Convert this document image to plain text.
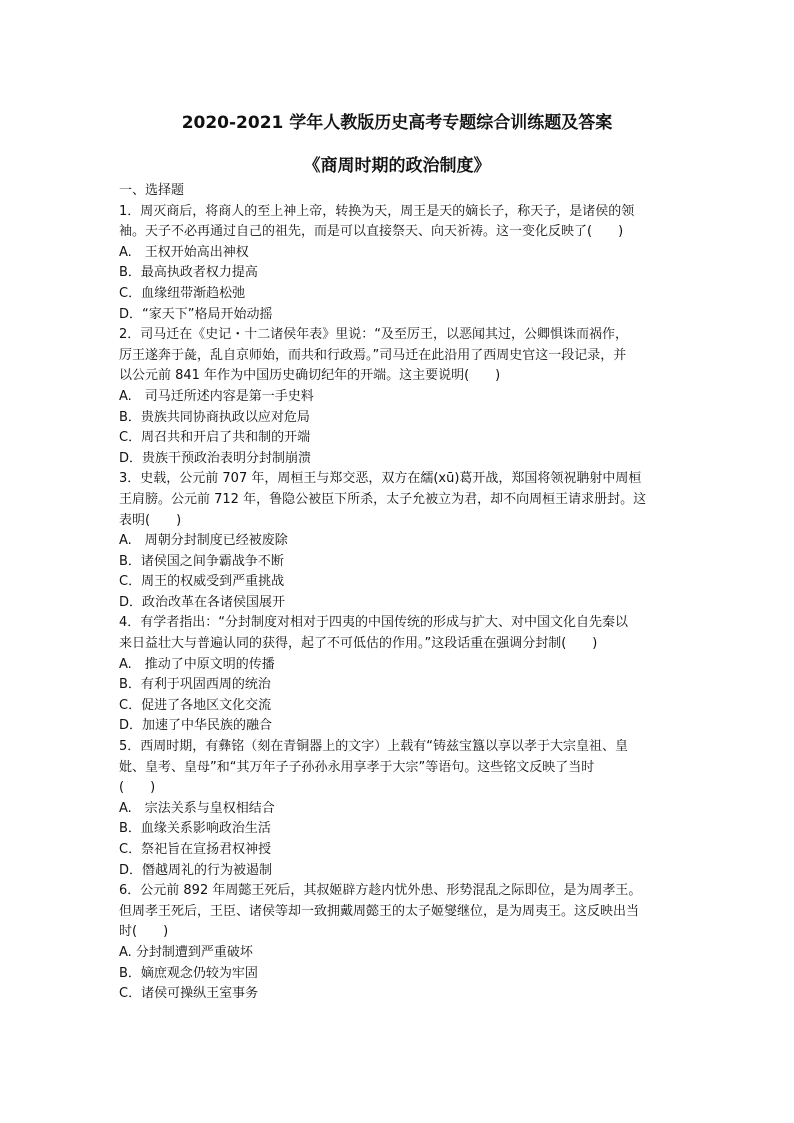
2020-2021 学年人教版历史高考专题综合训练题及答案
《商周时期的政治制度》
一、选择题
1．周灭商后，将商人的至上神上帝，转换为天，周王是天的嫡长子，称天子，是诸侯的领
袖。天子不必再通过自己的祖先，而是可以直接祭天、向天祈祷。这一变化反映了(　　)
A.　王权开始高出神权
B．最高执政者权力提高
C．血缘纽带渐趋松弛
D．“家天下”格局开始动摇
2．司马迁在《史记・十二诸侯年表》里说：“及至厉王，以恶闻其过，公卿惧诛而祸作，
厉王遂奔于彘，乱自京师始，而共和行政焉。”司马迁在此沿用了西周史官这一段记录，并
以公元前 841 年作为中国历史确切纪年的开端。这主要说明(　　)
A.　司马迁所述内容是第一手史料
B．贵族共同协商执政以应对危局
C．周召共和开启了共和制的开端
D．贵族干预政治表明分封制崩溃
3．史载，公元前 707 年，周桓王与郑交恶，双方在繻(xū)葛开战，郑国将领祝聃射中周桓
王肩膀。公元前 712 年，鲁隐公被臣下所杀，太子允被立为君，却不向周桓王请求册封。这
表明(　　)
A.　周朝分封制度已经被废除
B．诸侯国之间争霸战争不断
C．周王的权威受到严重挑战
D．政治改革在各诸侯国展开
4．有学者指出：“分封制度对相对于四夷的中国传统的形成与扩大、对中国文化自先秦以
来日益壮大与普遍认同的获得，起了不可低估的作用。”这段话重在强调分封制(　　)
A.　推动了中原文明的传播
B．有利于巩固西周的统治
C．促进了各地区文化交流
D．加速了中华民族的融合
5．西周时期，有彝铭（刻在青铜器上的文字）上载有“铸兹宝簋以享以孝于大宗皇祖、皇
妣、皇考、皇母”和“其万年子子孙孙永用享孝于大宗”等语句。这些铭文反映了当时
(　　)
A.　宗法关系与皇权相结合
B．血缘关系影响政治生活
C．祭祀旨在宣扬君权神授
D．僭越周礼的行为被遏制
6．公元前 892 年周懿王死后，其叔姬辟方趁内忧外患、形势混乱之际即位，是为周孝王。
但周孝王死后，王臣、诸侯等却一致拥戴周懿王的太子姬燮继位，是为周夷王。这反映出当
时(　　)
A. 分封制遭到严重破坏
B．嫡庶观念仍较为牢固
C．诸侯可操纵王室事务
